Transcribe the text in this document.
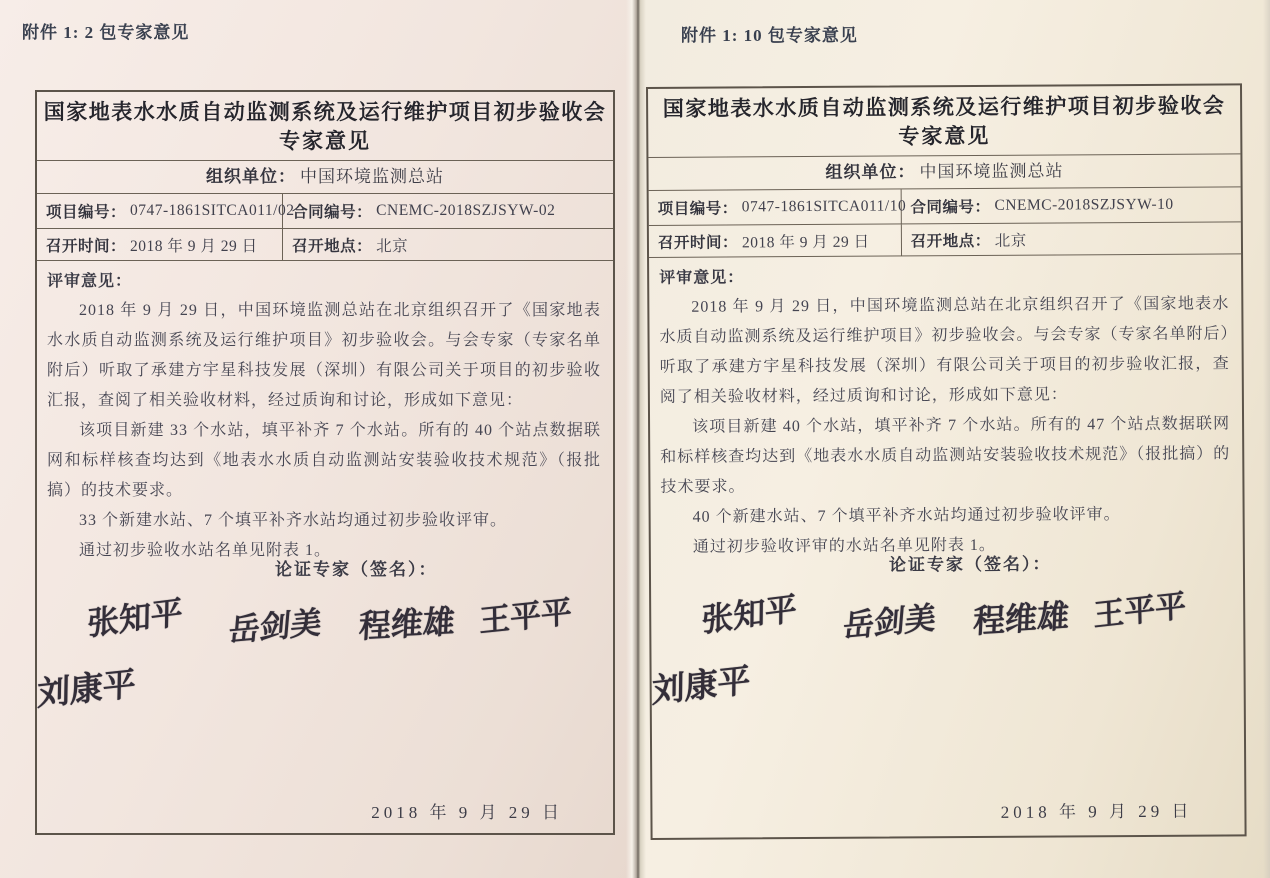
附件 1: 2 包专家意见
国家地表水水质自动监测系统及运行维护项目初步验收会
专家意见
组织单位： 中国环境监测总站
项目编号： 0747-1861SITCA011/02
合同编号： CNEMC-2018SZJSYW-02
召开时间： 2018 年 9 月 29 日 召开地点： 北京
评审意见：

2018 年 9 月 29 日，中国环境监测总站在北京组织召开了《国家地表水水质自动监测系统及运行维护项目》初步验收会。与会专家（专家名单附后）听取了承建方宇星科技发展（深圳）有限公司关于项目的初步验收汇报，查阅了相关验收材料，经过质询和讨论，形成如下意见：

该项目新建 33 个水站，填平补齐 7 个水站。所有的 40 个站点数据联网和标样核查均达到《地表水水质自动监测站安装验收技术规范》（报批搞）的技术要求。

33 个新建水站、7 个填平补齐水站均通过初步验收评审。

通过初步验收水站名单见附表 1。

论证专家（签名）：
张知平 岳剑美 程维雄 王平平
刘康平
2018 年 9 月 29 日
附件 1: 10 包专家意见
国家地表水水质自动监测系统及运行维护项目初步验收会
专家意见
组织单位： 中国环境监测总站
项目编号： 0747-1861SITCA011/10 合同编号： CNEMC-2018SZJSYW-10
召开时间： 2018 年 9 月 29 日	召开地点： 北京
评审意见：

2018 年 9 月 29 日，中国环境监测总站在北京组织召开了《国家地表水水质自动监测系统及运行维护项目》初步验收会。与会专家（专家名单附后）听取了承建方宇星科技发展（深圳）有限公司关于项目的初步验收汇报，查阅了相关验收材料，经过质询和讨论，形成如下意见：

该项目新建 40 个水站，填平补齐 7 个水站。所有的 47 个站点数据联网和标样核查均达到《地表水水质自动监测站安装验收技术规范》（报批搞）的技术要求。

40 个新建水站、7 个填平补齐水站均通过初步验收评审。

通过初步验收评审的水站名单见附表 1。

论证专家（签名）：
张知平 岳剑美 程维雄 王平平
刘康平
2018 年 9 月 29 日
